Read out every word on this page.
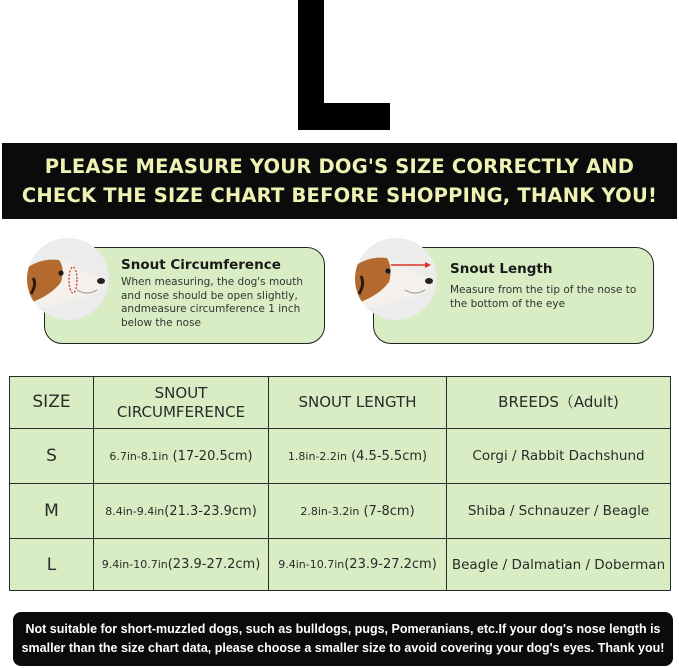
PLEASE MEASURE YOUR DOG'S SIZE CORRECTLY AND
CHECK THE SIZE CHART BEFORE SHOPPING, THANK YOU!
Snout Circumference
When measuring, the dog's mouth and nose should be open slightly, andmeasure circumference 1 inch below the nose
Snout Length
Measure from the tip of the nose to the bottom of the eye
SIZE	SNOUT CIRCUMFERENCE	SNOUT LENGTH	BREEDS（Adult)
S	6.7in-8.1in (17-20.5cm)	1.8in-2.2in (4.5-5.5cm)	Corgi / Rabbit Dachshund
M	8.4in-9.4in(21.3-23.9cm)	2.8in-3.2in (7-8cm)	Shiba / Schnauzer / Beagle
L	9.4in-10.7in(23.9-27.2cm)	9.4in-10.7in(23.9-27.2cm)	Beagle / Dalmatian / Doberman
Not suitable for short-muzzled dogs, such as bulldogs, pugs, Pomeranians, etc.If your dog's nose length is
smaller than the size chart data, please choose a smaller size to avoid covering your dog's eyes. Thank you!
